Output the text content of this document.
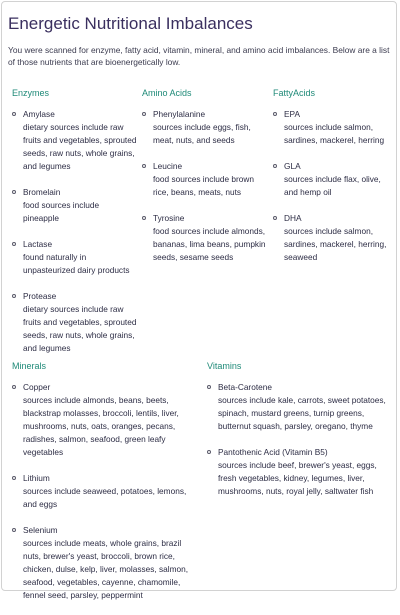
Energetic Nutritional Imbalances

You were scanned for enzyme, fatty acid, vitamin, mineral, and amino acid imbalances. Below are a list of those nutrients that are bioenergetically low.

Enzymes
Amylase
dietary sources include raw fruits and vegetables, sprouted seeds, raw nuts, whole grains, and legumes
Bromelain
food sources include pineapple
Lactase
found naturally in unpasteurized dairy products
Protease
dietary sources include raw fruits and vegetables, sprouted seeds, raw nuts, whole grains, and legumes
Amino Acids
Phenylalanine
sources include eggs, fish, meat, nuts, and seeds
Leucine
food sources include brown rice, beans, meats, nuts
Tyrosine
food sources include almonds, bananas, lima beans, pumpkin seeds, sesame seeds
FattyAcids
EPA
sources include salmon, sardines, mackerel, herring
GLA
sources include flax, olive, and hemp oil
DHA
sources include salmon, sardines, mackerel, herring, seaweed
Minerals
Copper
sources include almonds, beans, beets, blackstrap molasses, broccoli, lentils, liver, mushrooms, nuts, oats, oranges, pecans, radishes, salmon, seafood, green leafy vegetables
Lithium
sources include seaweed, potatoes, lemons, and eggs
Selenium
sources include meats, whole grains, brazil nuts, brewer's yeast, broccoli, brown rice, chicken, dulse, kelp, liver, molasses, salmon, seafood, vegetables, cayenne, chamomile, fennel seed, parsley, peppermint
Vitamins
Beta-Carotene
sources include kale, carrots, sweet potatoes, spinach, mustard greens, turnip greens, butternut squash, parsley, oregano, thyme
Pantothenic Acid (Vitamin B5)
sources include beef, brewer's yeast, eggs, fresh vegetables, kidney, legumes, liver, mushrooms, nuts, royal jelly, saltwater fish
